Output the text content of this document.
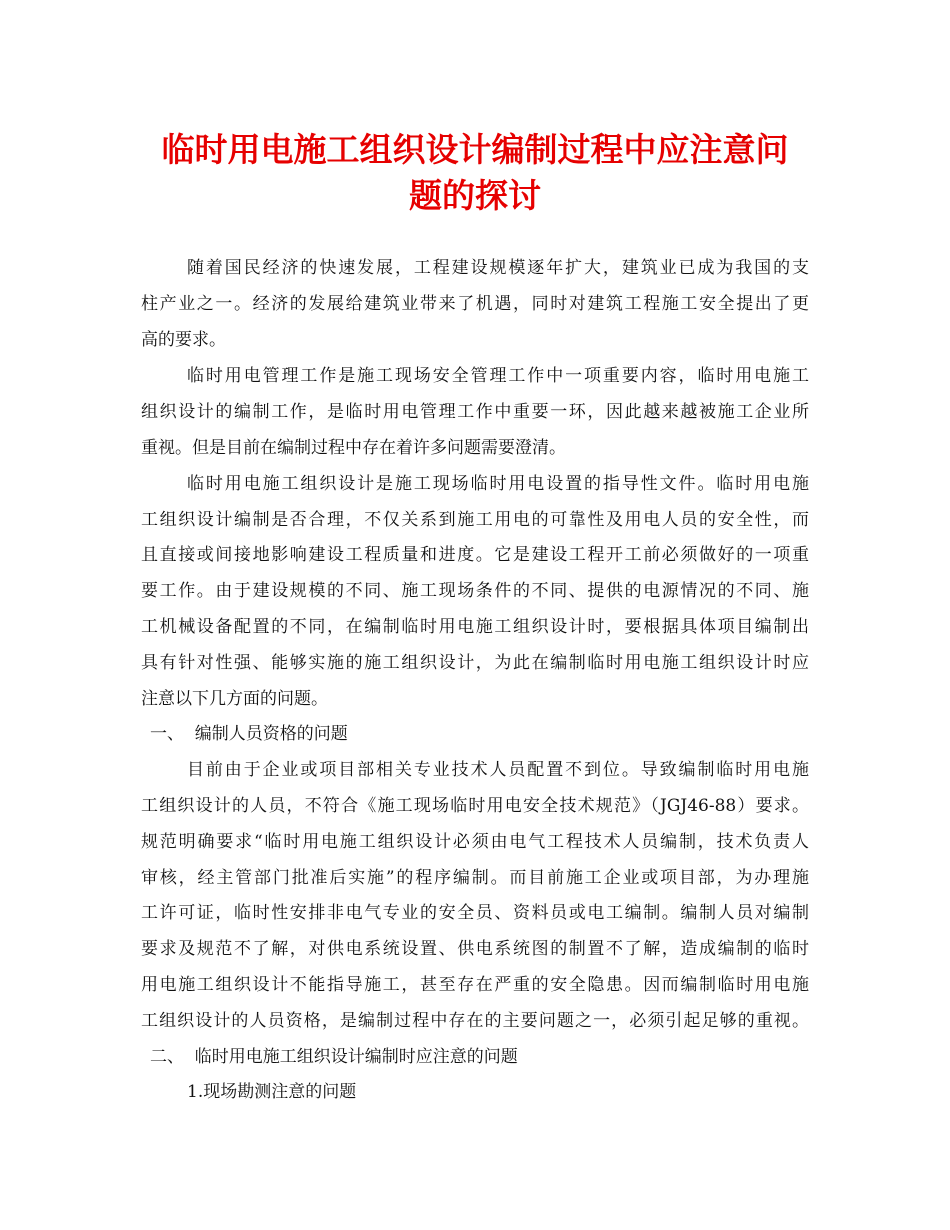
临时用电施工组织设计编制过程中应注意问
题的探讨
随着国民经济的快速发展，工程建设规模逐年扩大，建筑业已成为我国的支
柱产业之一。经济的发展给建筑业带来了机遇，同时对建筑工程施工安全提出了更
高的要求。
临时用电管理工作是施工现场安全管理工作中一项重要内容，临时用电施工
组织设计的编制工作，是临时用电管理工作中重要一环，因此越来越被施工企业所
重视。但是目前在编制过程中存在着许多问题需要澄清。
临时用电施工组织设计是施工现场临时用电设置的指导性文件。临时用电施
工组织设计编制是否合理，不仅关系到施工用电的可靠性及用电人员的安全性，而
且直接或间接地影响建设工程质量和进度。它是建设工程开工前必须做好的一项重
要工作。由于建设规模的不同、施工现场条件的不同、提供的电源情况的不同、施
工机械设备配置的不同，在编制临时用电施工组织设计时，要根据具体项目编制出
具有针对性强、能够实施的施工组织设计，为此在编制临时用电施工组织设计时应
注意以下几方面的问题。
一、  编制人员资格的问题
目前由于企业或项目部相关专业技术人员配置不到位。导致编制临时用电施
工组织设计的人员，不符合《施工现场临时用电安全技术规范》（JGJ46-88）要求。
规范明确要求“临时用电施工组织设计必须由电气工程技术人员编制，技术负责人
审核，经主管部门批准后实施”的程序编制。而目前施工企业或项目部，为办理施
工许可证，临时性安排非电气专业的安全员、资料员或电工编制。编制人员对编制
要求及规范不了解，对供电系统设置、供电系统图的制置不了解，造成编制的临时
用电施工组织设计不能指导施工，甚至存在严重的安全隐患。因而编制临时用电施
工组织设计的人员资格，是编制过程中存在的主要问题之一，必须引起足够的重视。
二、  临时用电施工组织设计编制时应注意的问题
1.现场勘测注意的问题
